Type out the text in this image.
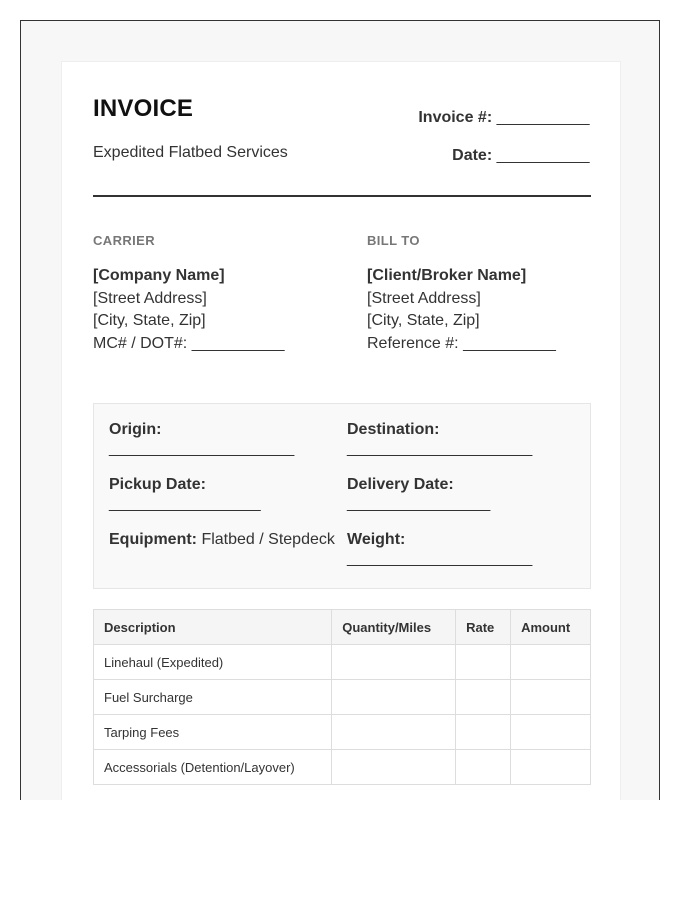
INVOICE
Expedited Flatbed Services
Invoice #: ___________
Date: ___________
CARRIER
[Company Name]
[Street Address]
[City, State, Zip]
MC# / DOT#: ___________
BILL TO
[Client/Broker Name]
[Street Address]
[City, State, Zip]
Reference #: ___________
Origin:
______________________
Destination:
______________________
Pickup Date:
__________________
Delivery Date:
_________________
Equipment: Flatbed / Stepdeck Weight:
______________________
Description	Quantity/Miles	Rate	Amount
Linehaul (Expedited)			
Fuel Surcharge			
Tarping Fees			
Accessorials (Detention/Layover)			
